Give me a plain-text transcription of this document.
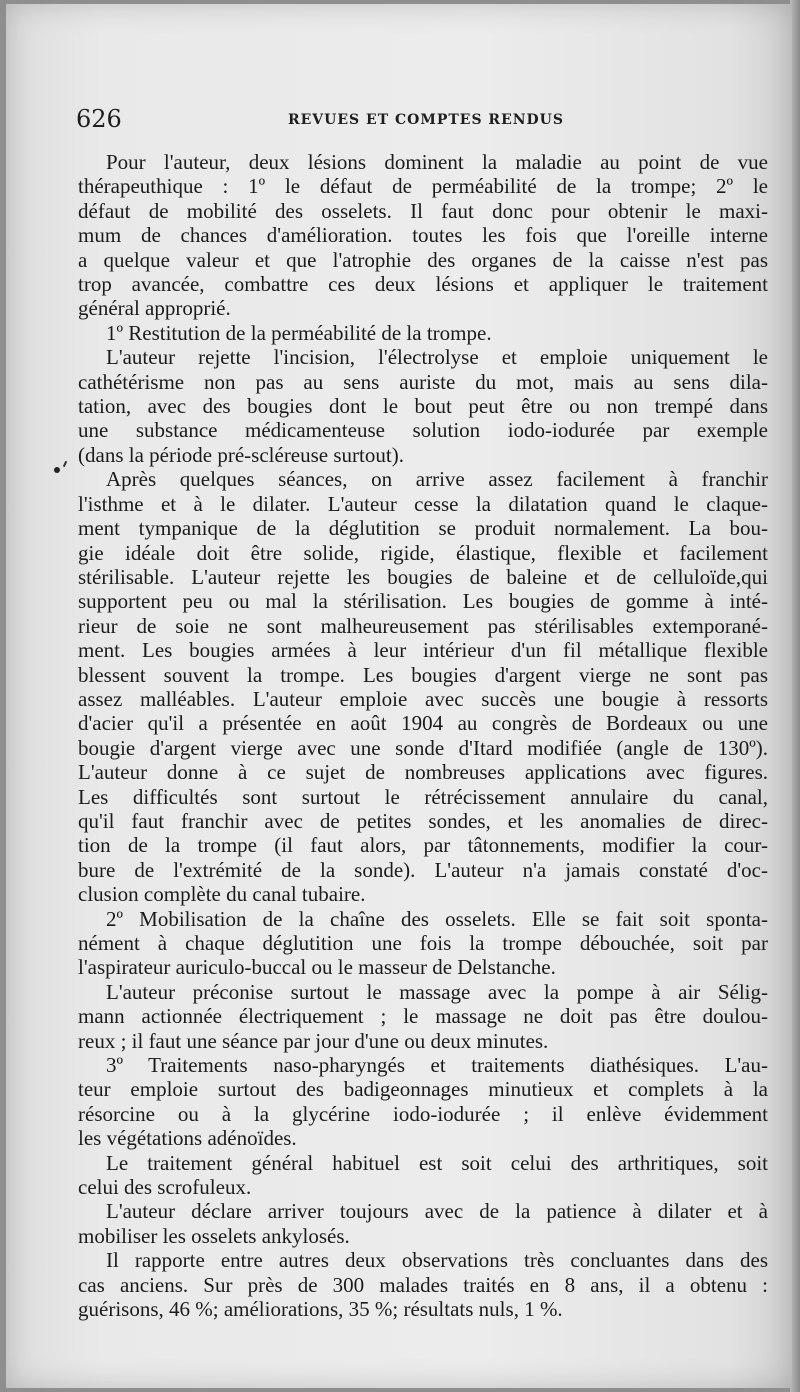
626	REVUES ET COMPTES RENDUS
Pour l'auteur, deux lésions dominent la maladie au point de vue
thérapeuthique : 1º le défaut de perméabilité de la trompe; 2º le
défaut de mobilité des osselets. Il faut donc pour obtenir le maxi-
mum de chances d'amélioration. toutes les fois que l'oreille interne
a quelque valeur et que l'atrophie des organes de la caisse n'est pas
trop avancée, combattre ces deux lésions et appliquer le traitement
général approprié.
1º Restitution de la perméabilité de la trompe.
L'auteur rejette l'incision, l'électrolyse et emploie uniquement le
cathétérisme non pas au sens auriste du mot, mais au sens dila-
tation, avec des bougies dont le bout peut être ou non trempé dans
une substance médicamenteuse solution iodo-iodurée par exemple
(dans la période pré-scléreuse surtout).
Après quelques séances, on arrive assez facilement à franchir
l'isthme et à le dilater. L'auteur cesse la dilatation quand le claque-
ment tympanique de la déglutition se produit normalement. La bou-
gie idéale doit être solide, rigide, élastique, flexible et facilement
stérilisable. L'auteur rejette les bougies de baleine et de celluloïde,qui
supportent peu ou mal la stérilisation. Les bougies de gomme à inté-
rieur de soie ne sont malheureusement pas stérilisables extemporané-
ment. Les bougies armées à leur intérieur d'un fil métallique flexible
blessent souvent la trompe. Les bougies d'argent vierge ne sont pas
assez malléables. L'auteur emploie avec succès une bougie à ressorts
d'acier qu'il a présentée en août 1904 au congrès de Bordeaux ou une
bougie d'argent vierge avec une sonde d'Itard modifiée (angle de 130º).
L'auteur donne à ce sujet de nombreuses applications avec figures.
Les difficultés sont surtout le rétrécissement annulaire du canal,
qu'il faut franchir avec de petites sondes, et les anomalies de direc-
tion de la trompe (il faut alors, par tâtonnements, modifier la cour-
bure de l'extrémité de la sonde). L'auteur n'a jamais constaté d'oc-
clusion complète du canal tubaire.
2º Mobilisation de la chaîne des osselets. Elle se fait soit sponta-
nément à chaque déglutition une fois la trompe débouchée, soit par
l'aspirateur auriculo-buccal ou le masseur de Delstanche.
L'auteur préconise surtout le massage avec la pompe à air Sélig-
mann actionnée électriquement ; le massage ne doit pas être doulou-
reux ; il faut une séance par jour d'une ou deux minutes.
3º Traitements naso-pharyngés et traitements diathésiques. L'au-
teur emploie surtout des badigeonnages minutieux et complets à la
résorcine ou à la glycérine iodo-iodurée ; il enlève évidemment
les végétations adénoïdes.
Le traitement général habituel est soit celui des arthritiques, soit
celui des scrofuleux.
L'auteur déclare arriver toujours avec de la patience à dilater et à
mobiliser les osselets ankylosés.
Il rapporte entre autres deux observations très concluantes dans des
cas anciens. Sur près de 300 malades traités en 8 ans, il a obtenu :
guérisons, 46 %; améliorations, 35 %; résultats nuls, 1 %.
